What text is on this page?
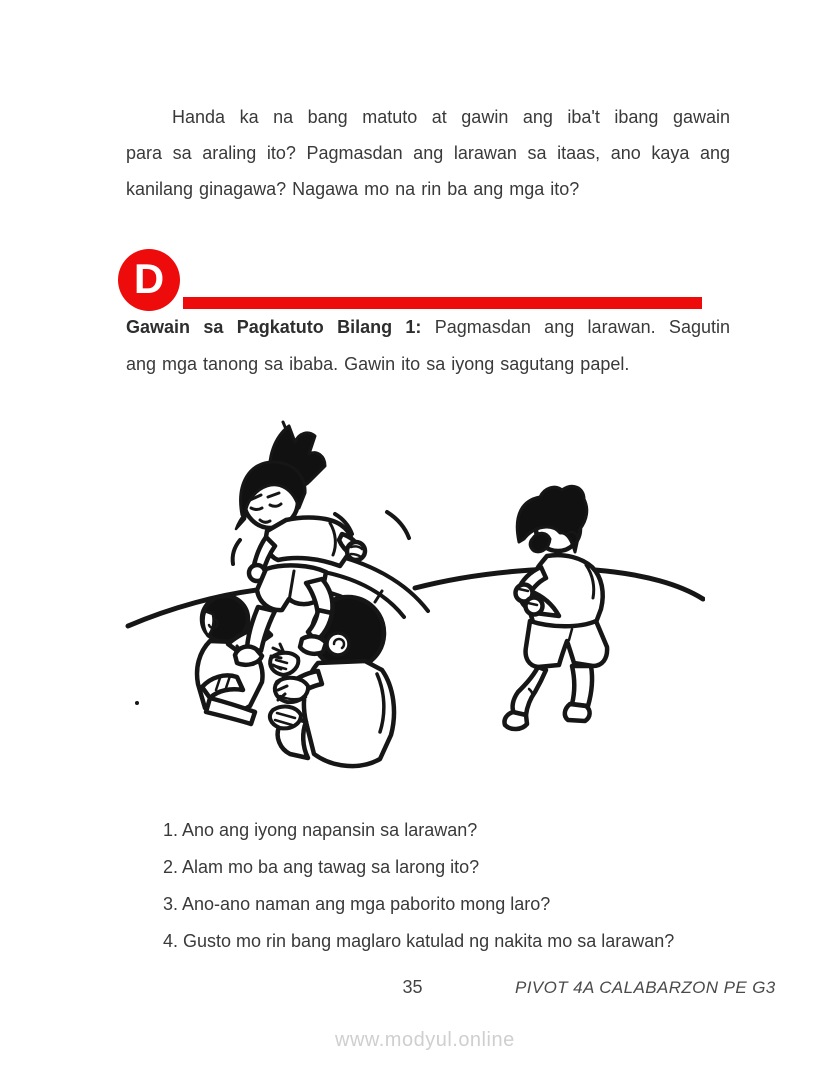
Handa ka na bang matuto at gawin ang iba't ibang gawain
para sa araling ito? Pagmasdan ang larawan sa itaas, ano kaya ang
kanilang ginagawa? Nagawa mo na rin ba ang mga ito?
D
Gawain sa Pagkatuto Bilang 1: Pagmasdan ang larawan. Sagutin
ang mga tanong sa ibaba. Gawin ito sa iyong sagutang papel.
1. Ano ang iyong napansin sa larawan?
2. Alam mo ba ang tawag sa larong ito?
3. Ano-ano naman ang mga paborito mong laro?
4. Gusto mo rin bang maglaro katulad ng nakita mo sa larawan?
35	PIVOT 4A CALABARZON PE G3
www.modyul.online
